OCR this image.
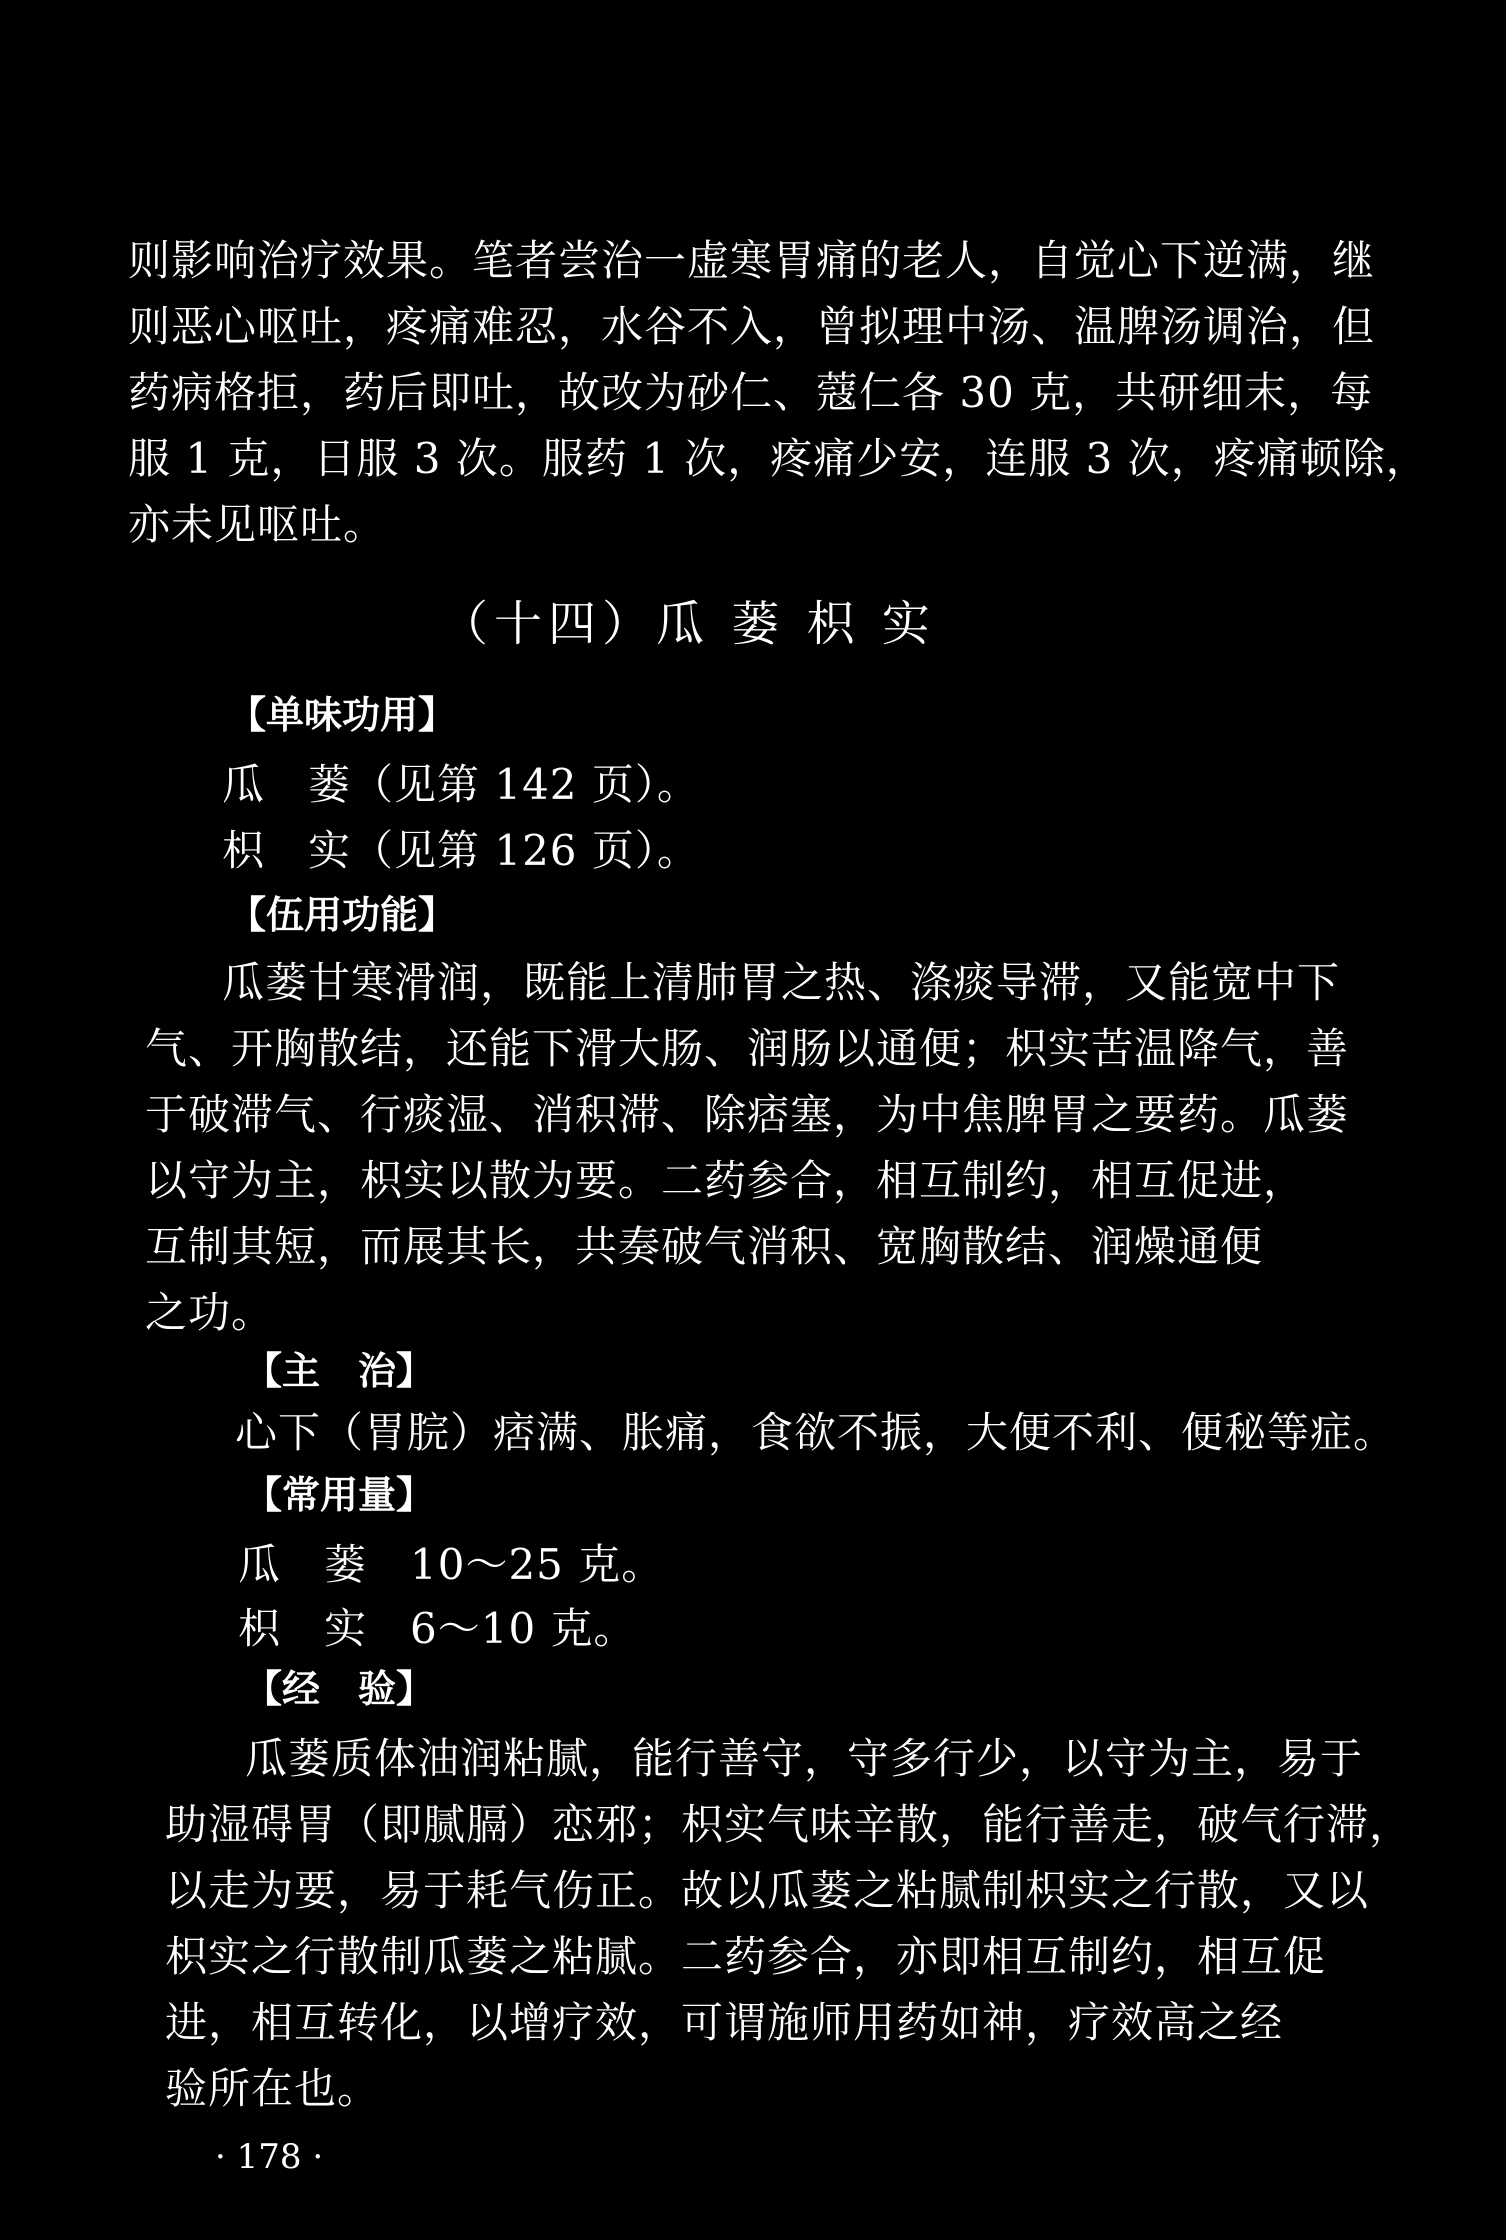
则影响治疗效果。笔者尝治一虚寒胃痛的老人，自觉心下逆满，继
则恶心呕吐，疼痛难忍，水谷不入，曾拟理中汤、温脾汤调治，但
药病格拒，药后即吐，故改为砂仁、蔻仁各 30 克，共研细末，每
服 1 克，日服 3 次。服药 1 次，疼痛少安，连服 3 次，疼痛顿除，
亦未见呕吐。
（十四）瓜 蒌 枳 实
【单味功用】
瓜　蒌（见第 142 页）。
枳　实（见第 126 页）。
【伍用功能】
瓜蒌甘寒滑润，既能上清肺胃之热、涤痰导滞，又能宽中下
气、开胸散结，还能下滑大肠、润肠以通便；枳实苦温降气，善
于破滞气、行痰湿、消积滞、除痞塞，为中焦脾胃之要药。瓜蒌
以守为主，枳实以散为要。二药参合，相互制约，相互促进，
互制其短，而展其长，共奏破气消积、宽胸散结、润燥通便
之功。
【主　治】
心下（胃脘）痞满、胀痛，食欲不振，大便不利、便秘等症。
【常用量】
瓜　蒌　10～25 克。
枳　实　6～10 克。
【经　验】
瓜蒌质体油润粘腻，能行善守，守多行少，以守为主，易于
助湿碍胃（即腻膈）恋邪；枳实气味辛散，能行善走，破气行滞，
以走为要，易于耗气伤正。故以瓜蒌之粘腻制枳实之行散，又以
枳实之行散制瓜蒌之粘腻。二药参合，亦即相互制约，相互促
进，相互转化，以增疗效，可谓施师用药如神，疗效高之经
验所在也。
· 178 ·
